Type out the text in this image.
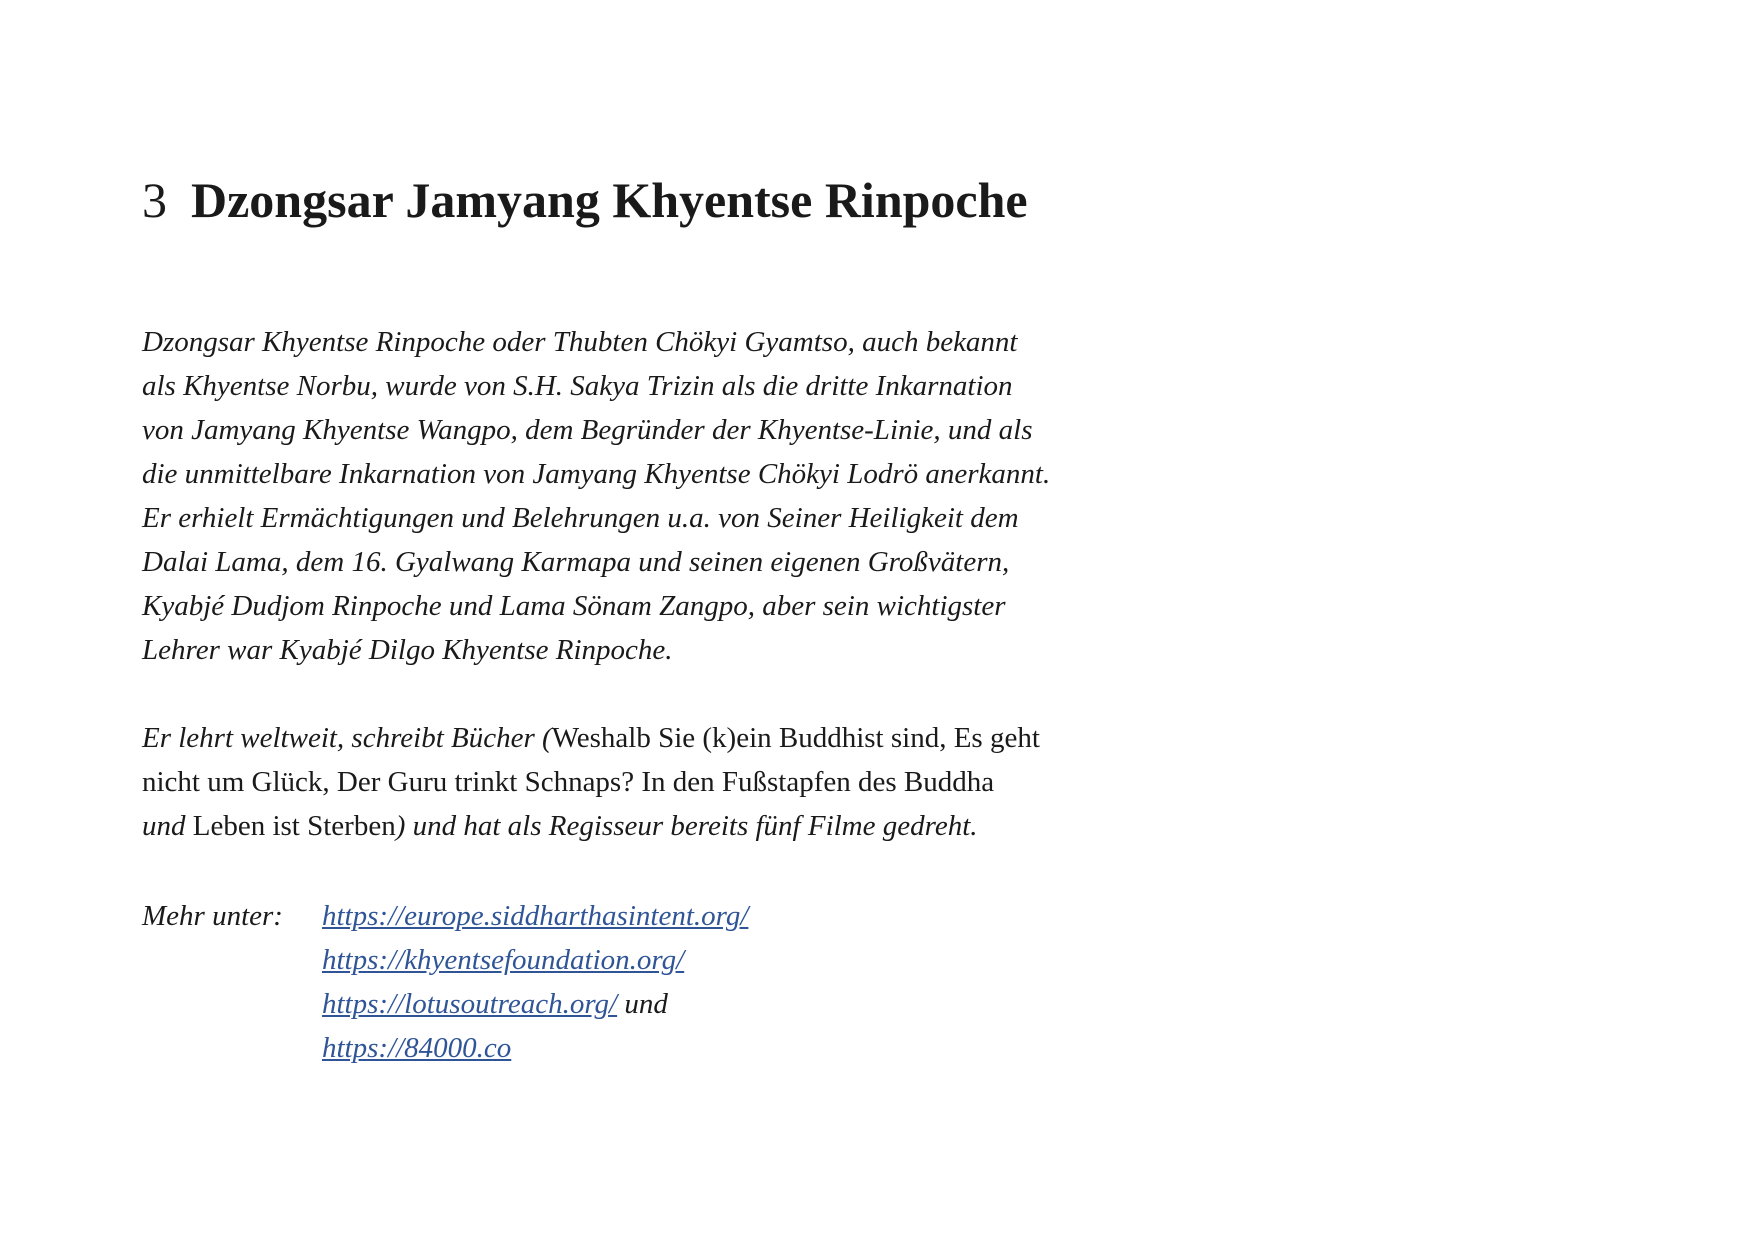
3 Dzongsar Jamyang Khyentse Rinpoche

Dzongsar Khyentse Rinpoche oder Thubten Chökyi Gyamtso, auch bekannt
als Khyentse Norbu, wurde von S.H. Sakya Trizin als die dritte Inkarnation
von Jamyang Khyentse Wangpo, dem Begründer der Khyentse-Linie, und als
die unmittelbare Inkarnation von Jamyang Khyentse Chökyi Lodrö anerkannt.
Er erhielt Ermächtigungen und Belehrungen u.a. von Seiner Heiligkeit dem
Dalai Lama, dem 16. Gyalwang Karmapa und seinen eigenen Großvätern,
Kyabjé Dudjom Rinpoche und Lama Sönam Zangpo, aber sein wichtigster
Lehrer war Kyabjé Dilgo Khyentse Rinpoche.

Er lehrt weltweit, schreibt Bücher (Weshalb Sie (k)ein Buddhist sind, Es geht
nicht um Glück, Der Guru trinkt Schnaps? In den Fußstapfen des Buddha
und Leben ist Sterben) und hat als Regisseur bereits fünf Filme gedreht.

Mehr unter: https://europe.siddharthasintent.org/
https://khyentsefoundation.org/
https://lotusoutreach.org/ und
https://84000.co
